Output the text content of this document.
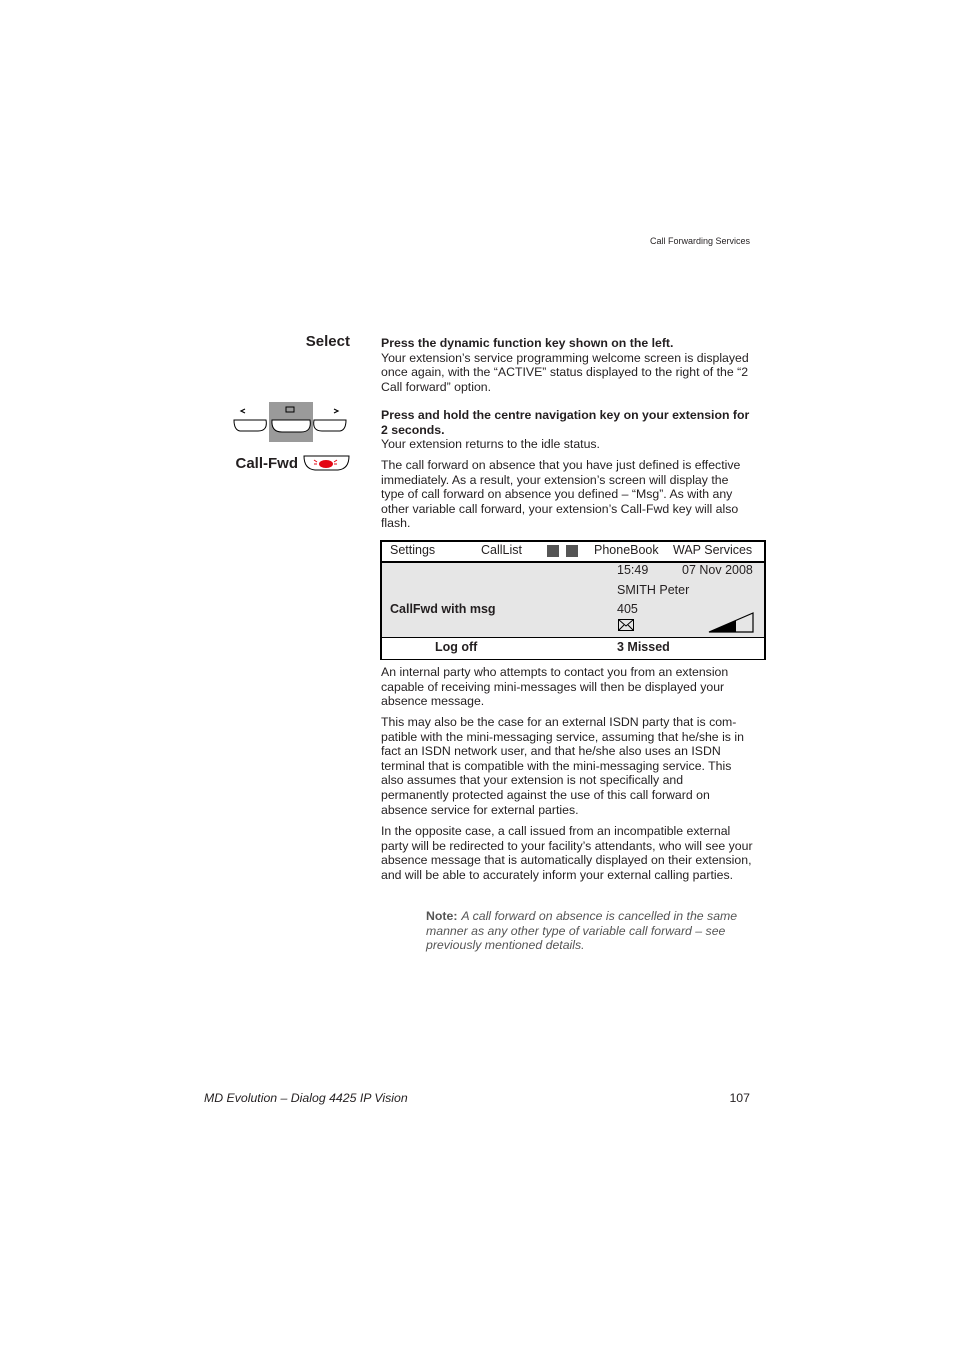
Call Forwarding Services
Select
Call-Fwd

Press the dynamic function key shown on the left.

Your extension’s service programming welcome screen is displayed once again, with the “ACTIVE” status displayed to the right of the “2 Call forward” option.

Press and hold the centre navigation key on your extension for 2 seconds.

Your extension returns to the idle status.

The call forward on absence that you have just defined is effective immediately. As a result, your extension’s screen will display the type of call forward on absence you defined – “Msg”. As with any other variable call forward, your extension’s Call-Fwd key will also flash.

Settings	CallList	PhoneBook WAP Services
15:49	07 Nov 2008
SMITH Peter
CallFwd with msg	405
Log off	3 Missed

An internal party who attempts to contact you from an extension capable of receiving mini-messages will then be displayed your absence message.

This may also be the case for an external ISDN party that is com-patible with the mini-messaging service, assuming that he/she is in fact an ISDN network user, and that he/she also uses an ISDN terminal that is compatible with the mini-messaging service. This also assumes that your extension is not specifically and permanently protected against the use of this call forward on absence service for external parties.

In the opposite case, a call issued from an incompatible external party will be redirected to your facility’s attendants, who will see your absence message that is automatically displayed on their extension, and will be able to accurately inform your external calling parties.

Note: A call forward on absence is cancelled in the same manner as any other type of variable call forward – see previously mentioned details.
MD Evolution – Dialog 4425 IP Vision	107
